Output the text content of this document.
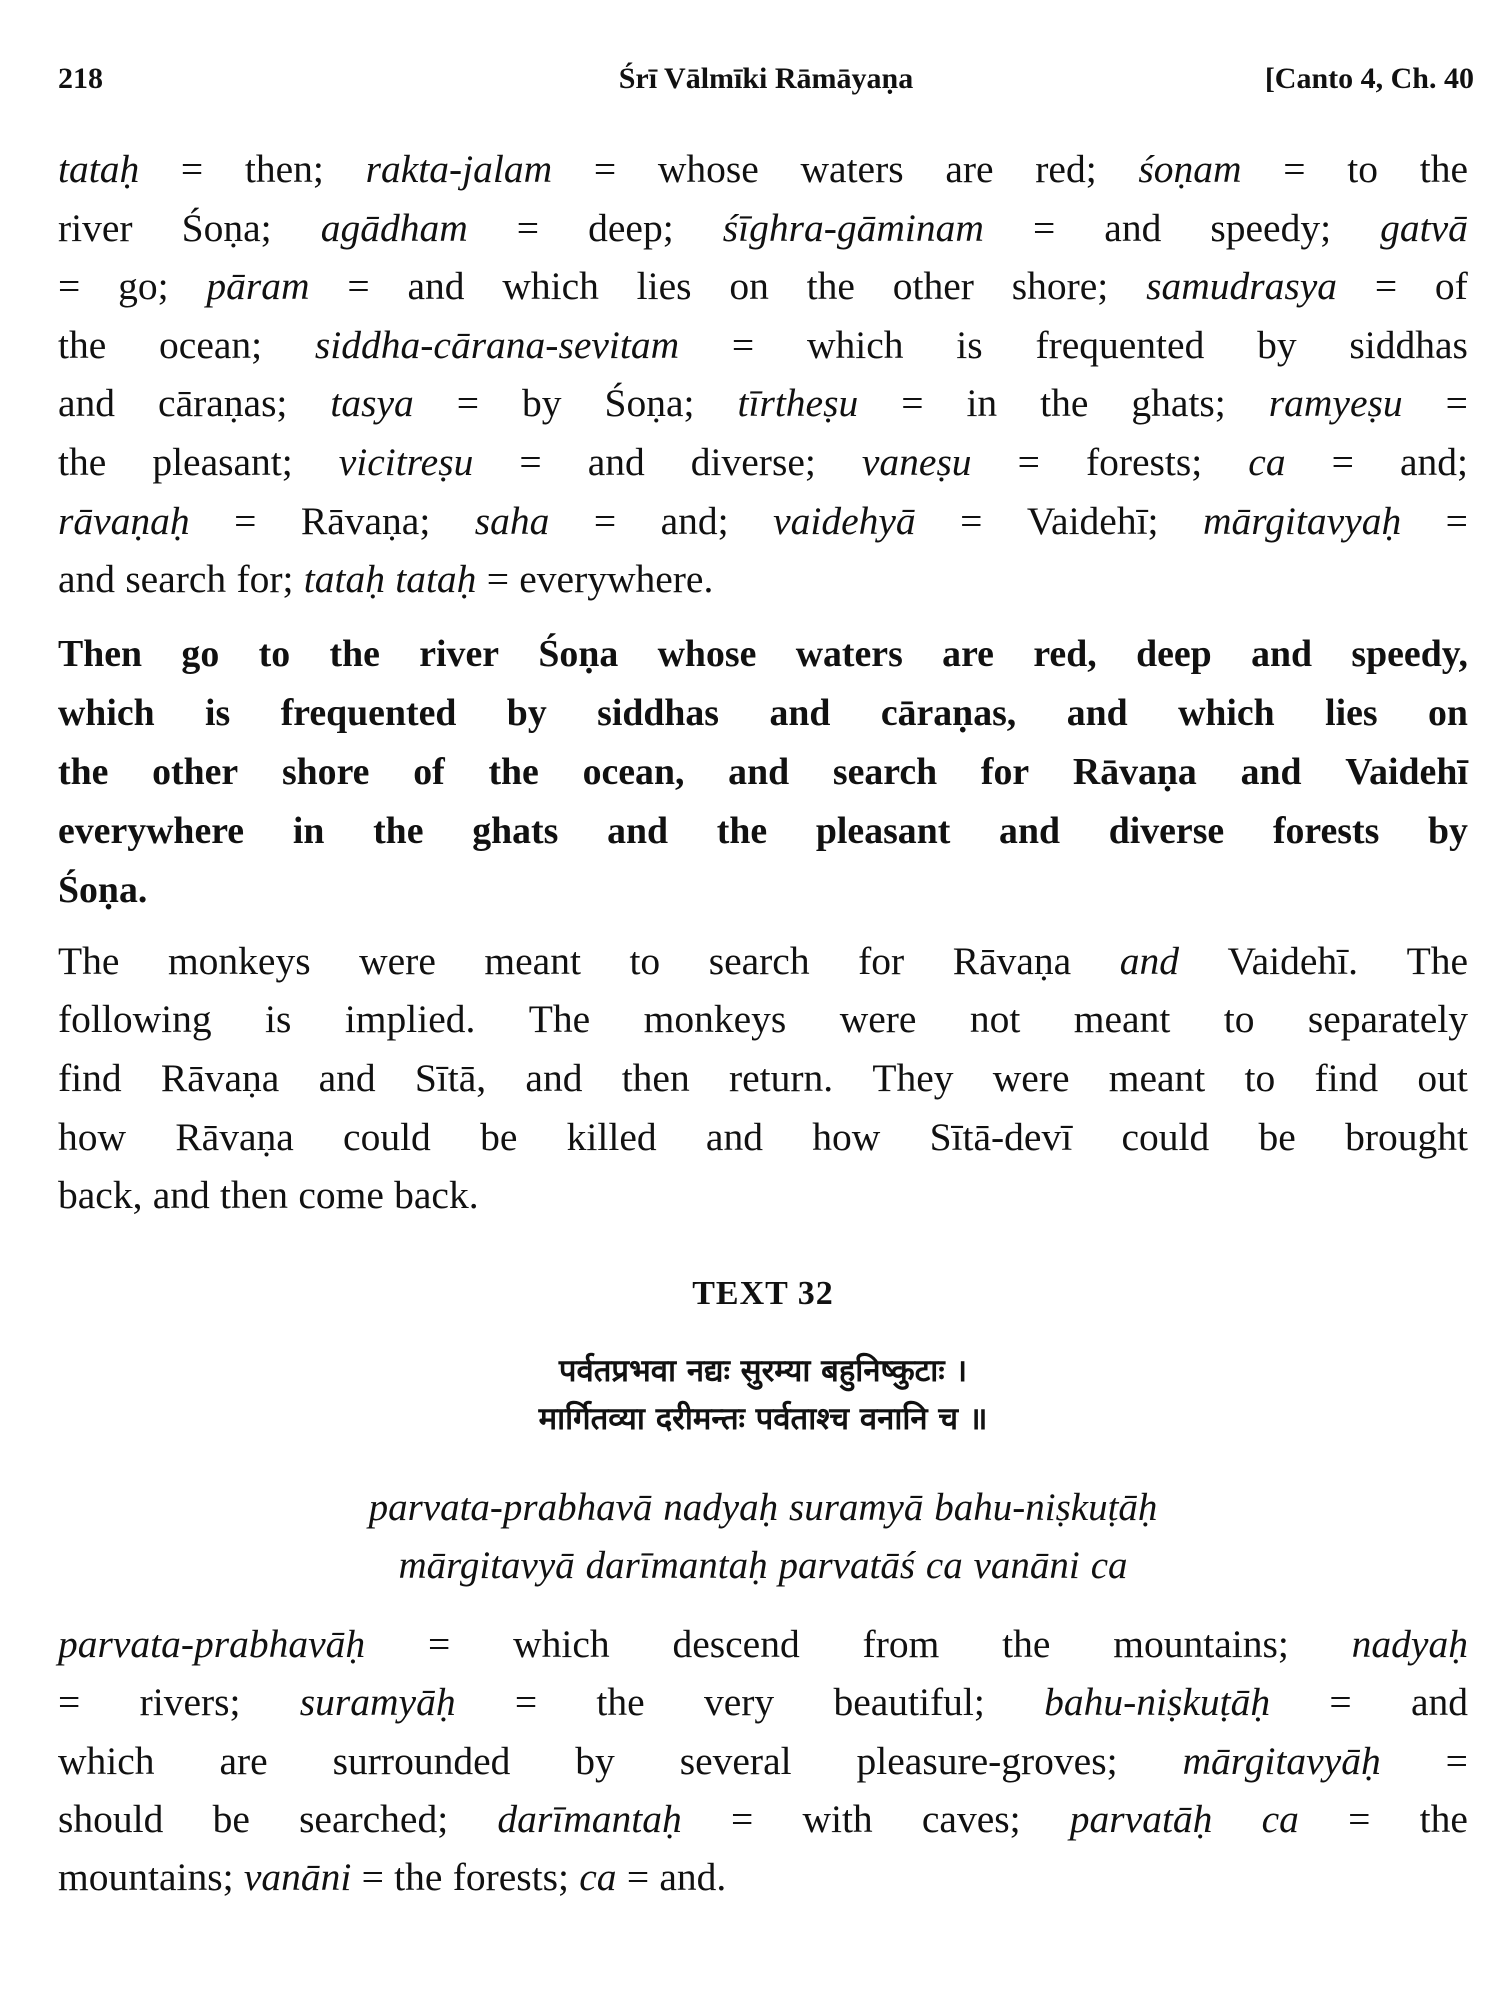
218	Śrī Vālmīki Rāmāyaṇa	[Canto 4, Ch. 40
tataḥ = then; rakta-jalam = whose waters are red; śoṇam = to the
river Śoṇa; agādham = deep; śīghra-gāminam = and speedy; gatvā
= go; pāram = and which lies on the other shore; samudrasya = of
the ocean; siddha-cārana-sevitam = which is frequented by siddhas
and cāraṇas; tasya = by Śoṇa; tīrtheṣu = in the ghats; ramyeṣu =
the pleasant; vicitreṣu = and diverse; vaneṣu = forests; ca = and;
rāvaṇaḥ = Rāvaṇa; saha = and; vaidehyā = Vaidehī; mārgitavyaḥ =
and search for; tataḥ tataḥ = everywhere.
Then go to the river Śoṇa whose waters are red, deep and speedy,
which is frequented by siddhas and cāraṇas, and which lies on
the other shore of the ocean, and search for Rāvaṇa and Vaidehī
everywhere in the ghats and the pleasant and diverse forests by
Śoṇa.
The monkeys were meant to search for Rāvaṇa and Vaidehī. The
following is implied. The monkeys were not meant to separately
find Rāvaṇa and Sītā, and then return. They were meant to find out
how Rāvaṇa could be killed and how Sītā-devī could be brought
back, and then come back.
TEXT 32
पर्वतप्रभवा नद्यः सुरम्या बहुनिष्कुटाः ।
मार्गितव्या दरीमन्तः पर्वताश्च वनानि च ॥
parvata-prabhavā nadyaḥ suramyā bahu-niṣkuṭāḥ
mārgitavyā darīmantaḥ parvatāś ca vanāni ca
parvata-prabhavāḥ = which descend from the mountains; nadyaḥ
= rivers; suramyāḥ = the very beautiful; bahu-niṣkuṭāḥ = and
which are surrounded by several pleasure-groves; mārgitavyāḥ =
should be searched; darīmantaḥ = with caves; parvatāḥ ca = the
mountains; vanāni = the forests; ca = and.
